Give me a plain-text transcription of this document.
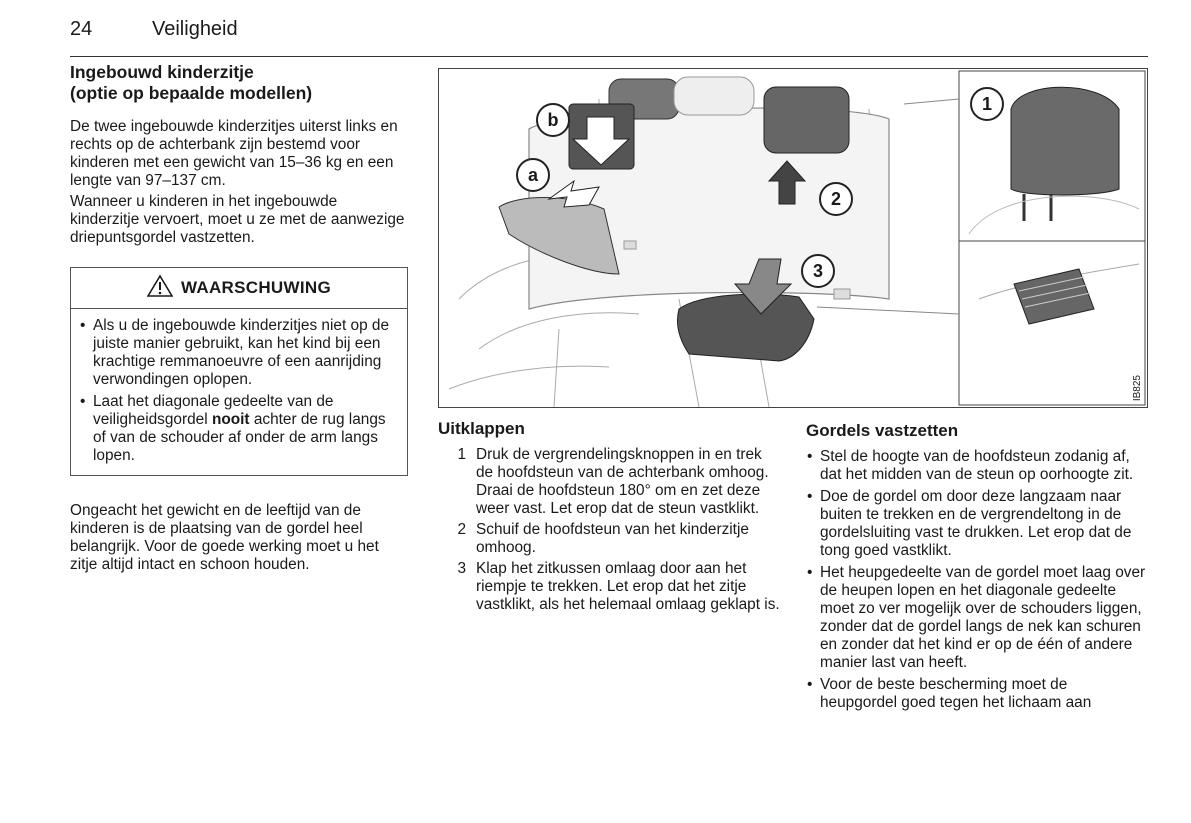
24	Veiligheid
Ingebouwd kinderzitje
(optie op bepaalde modellen)

De twee ingebouwde kinderzitjes uiterst links en rechts op de achterbank zijn bestemd voor kinderen met een gewicht van 15–36 kg en een lengte van 97–137 cm.

Wanneer u kinderen in het ingebouwde kinderzitje vervoert, moet u ze met de aanwezige driepuntsgordel vastzetten.

WAARSCHUWING
• Als u de ingebouwde kinderzitjes niet op de juiste manier gebruikt, kan het kind bij een krachtige remmanoeuvre of een aanrijding verwondingen oplopen.
• Laat het diagonale gedeelte van de veiligheidsgordel nooit achter de rug langs of van de schouder af onder de arm langs lopen.

Ongeacht het gewicht en de leeftijd van de kinderen is de plaatsing van de gordel heel belangrijk. Voor de goede werking moet u het zitje altijd intact en schoon houden.

b
a
1
2
3
IB825
Uitklappen
1 Druk de vergrendelingsknoppen in en trek de hoofdsteun van de achterbank omhoog. Draai de hoofdsteun 180° om en zet deze weer vast. Let erop dat de steun vastklikt.
2 Schuif de hoofdsteun van het kinderzitje omhoog.
3 Klap het zitkussen omlaag door aan het riempje te trekken. Let erop dat het zitje vastklikt, als het helemaal omlaag geklapt is.
Gordels vastzetten
• Stel de hoogte van de hoofdsteun zodanig af, dat het midden van de steun op oorhoogte zit.
• Doe de gordel om door deze langzaam naar buiten te trekken en de vergrendeltong in de gordelsluiting vast te drukken. Let erop dat de tong goed vastklikt.
• Het heupgedeelte van de gordel moet laag over de heupen lopen en het diagonale gedeelte moet zo ver mogelijk over de schouders liggen, zonder dat de gordel langs de nek kan schuren en zonder dat het kind er op de één of andere manier last van heeft.
• Voor de beste bescherming moet de heupgordel goed tegen het lichaam aan
